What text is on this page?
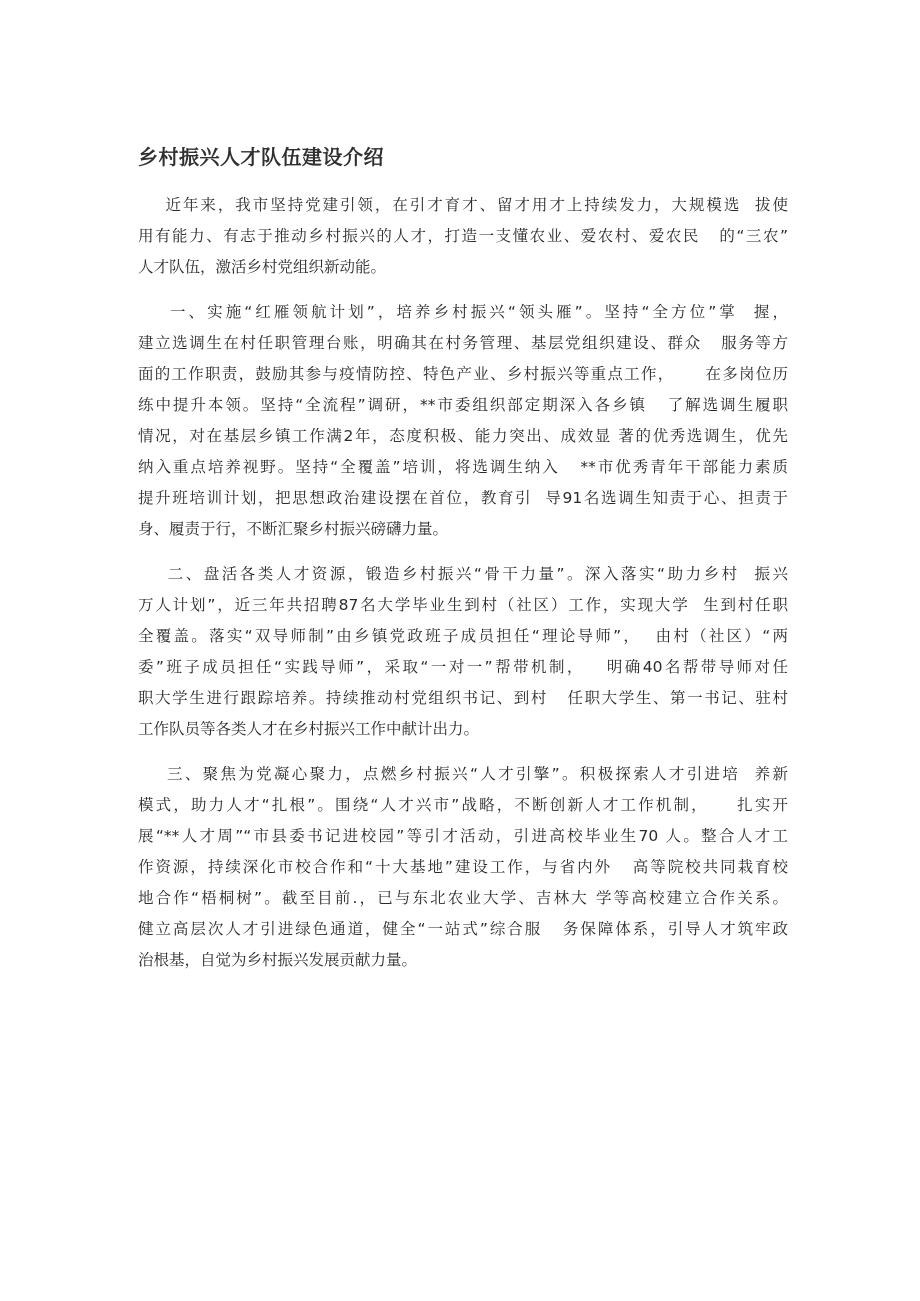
乡村振兴人才队伍建设介绍
近年来，我市坚持党建引领，在引才育才、留才用才上持续发力，大规模选  拔使
用有能力、有志于推动乡村振兴的人才，打造一支懂农业、爱农村、爱农民   的“三农”
人才队伍，激活乡村党组织新动能。
一、实施“红雁领航计划”，培养乡村振兴“领头雁”。坚持“全方位”掌  握，
建立选调生在村任职管理台账，明确其在村务管理、基层党组织建设、群众   服务等方
面的工作职责，鼓励其参与疫情防控、特色产业、乡村振兴等重点工作，     在多岗位历
练中提升本领。坚持“全流程”调研，**市委组织部定期深入各乡镇   了解选调生履职
情况，对在基层乡镇工作满2年，态度积极、能力突出、成效显 著的优秀选调生，优先
纳入重点培养视野。坚持“全覆盖”培训，将选调生纳入   **市优秀青年干部能力素质
提升班培训计划，把思想政治建设摆在首位，教育引  导91名选调生知责于心、担责于
身、履责于行，不断汇聚乡村振兴磅礴力量。
二、盘活各类人才资源，锻造乡村振兴“骨干力量”。深入落实“助力乡村  振兴
万人计划”，近三年共招聘87名大学毕业生到村（社区）工作，实现大学  生到村任职
全覆盖。落实“双导师制”由乡镇党政班子成员担任“理论导师”，  由村（社区）“两
委”班子成员担任“实践导师”，采取“一对一”帮带机制，   明确40名帮带导师对任
职大学生进行跟踪培养。持续推动村党组织书记、到村   任职大学生、第一书记、驻村
工作队员等各类人才在乡村振兴工作中献计出力。
三、聚焦为党凝心聚力，点燃乡村振兴“人才引擎”。积极探索人才引进培  养新
模式，助力人才“扎根”。围绕“人才兴市”战略，不断创新人才工作机制，    扎实开
展“**人才周”“市县委书记进校园”等引才活动，引进高校毕业生70 人。整合人才工
作资源，持续深化市校合作和“十大基地”建设工作，与省内外   高等院校共同栽育校
地合作“梧桐树”。截至目前.，已与东北农业大学、吉林大 学等高校建立合作关系。
健立高层次人才引进绿色通道，健全“一站式”综合服   务保障体系，引导人才筑牢政
治根基，自觉为乡村振兴发展贡献力量。
